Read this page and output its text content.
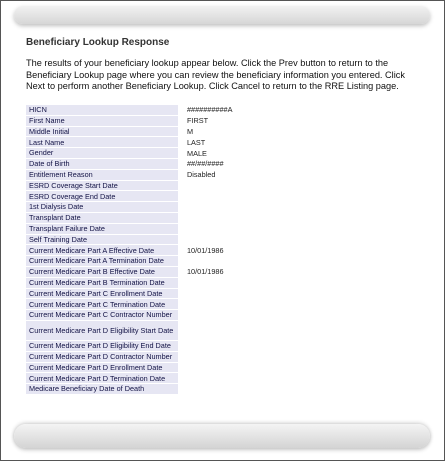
Beneficiary Lookup Response
The results of your beneficiary lookup appear below. Click the Prev button to return to the Beneficiary Lookup page where you can review the beneficiary information you entered. Click Next to perform another Beneficiary Lookup. Click Cancel to return to the RRE Listing page.
HICN	##########A
First Name	FIRST
Middle Initial	M
Last Name	LAST
Gender	MALE
Date of Birth	##/##/####
Entitlement Reason	Disabled
ESRD Coverage Start Date	
ESRD Coverage End Date	
1st Dialysis Date	
Transplant Date	
Transplant Failure Date	
Self Training Date	
Current Medicare Part A Effective Date	10/01/1986
Current Medicare Part A Termination Date	
Current Medicare Part B Effective Date	10/01/1986
Current Medicare Part B Termination Date	
Current Medicare Part C Enrollment Date	
Current Medicare Part C Termination Date	
Current Medicare Part C Contractor Number	
Current Medicare Part D Eligibility Start Date	
Current Medicare Part D Eligibility End Date	
Current Medicare Part D Contractor Number	
Current Medicare Part D Enrollment Date	
Current Medicare Part D Termination Date	
Medicare Beneficiary Date of Death	
